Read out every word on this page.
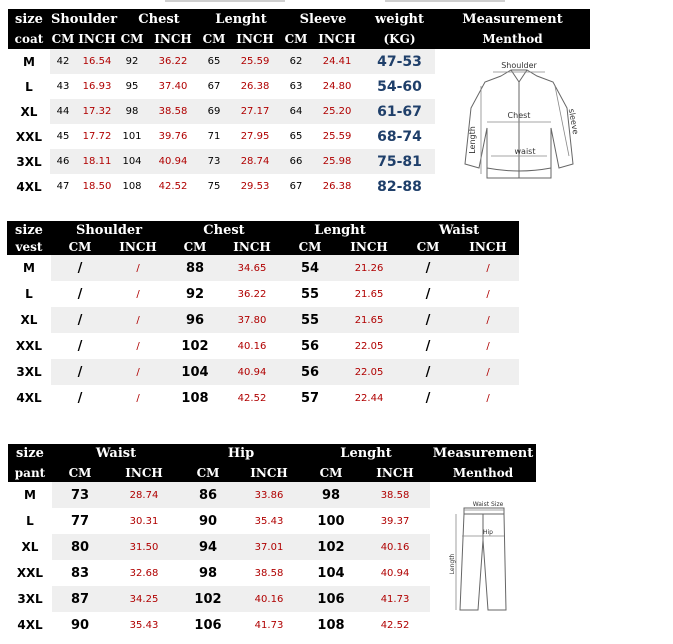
size	Shoulder		Chest		Lenght		Sleeve		weight	Measurement
coat	CM	INCH	CM	INCH	CM	INCH	CM	INCH	(KG)	Menthod
M	42	16.54	92	36.22	65	25.59	62	24.41	47-53	
L	43	16.93	95	37.40	67	26.38	63	24.80	54-60	
XL	44	17.32	98	38.58	69	27.17	64	25.20	61-67	
XXL	45	17.72	101	39.76	71	27.95	65	25.59	68-74	
3XL	46	18.11	104	40.94	73	28.74	66	25.98	75-81	
4XL	47	18.50	108	42.52	75	29.53	67	26.38	82-88	
Shoulder
Chest
waist
Length
sleeve
size	Shoulder		Chest		Lenght		Waist	
vest	CM	INCH	CM	INCH	CM	INCH	CM	INCH
M	/	/	88	34.65	54	21.26	/	/
L	/	/	92	36.22	55	21.65	/	/
XL	/	/	96	37.80	55	21.65	/	/
XXL	/	/	102	40.16	56	22.05	/	/
3XL	/	/	104	40.94	56	22.05	/	/
4XL	/	/	108	42.52	57	22.44	/	/
size	Waist		Hip		Lenght		Measurement
pant	CM	INCH	CM	INCH	CM	INCH	Menthod
M	73	28.74	86	33.86	98	38.58	
L	77	30.31	90	35.43	100	39.37	
XL	80	31.50	94	37.01	102	40.16	
XXL	83	32.68	98	38.58	104	40.94	
3XL	87	34.25	102	40.16	106	41.73	
4XL	90	35.43	106	41.73	108	42.52	
Waist Size
Hip
Length
